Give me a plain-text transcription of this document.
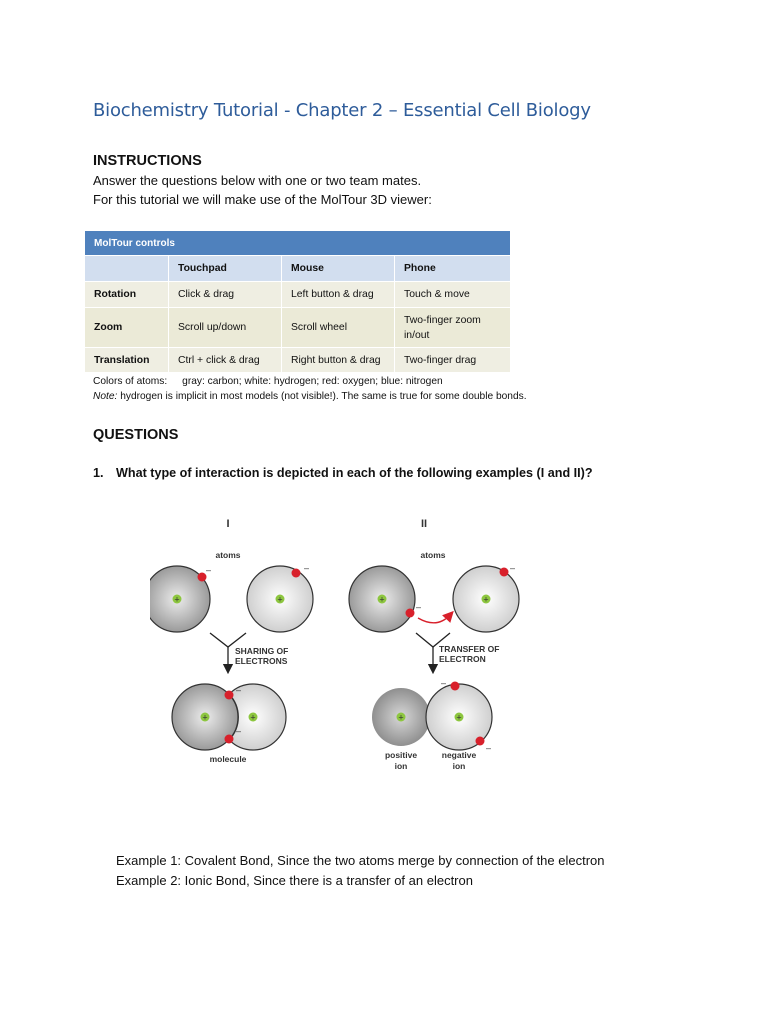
Biochemistry Tutorial - Chapter 2 – Essential Cell Biology
INSTRUCTIONS
Answer the questions below with one or two team mates.
For this tutorial we will make use of the MolTour 3D viewer:
MolTour controls			
	Touchpad	Mouse	Phone
Rotation	Click & drag	Left button & drag	Touch & move
Zoom	Scroll up/down	Scroll wheel	Two-finger zoom in/out
Translation	Ctrl + click & drag	Right button & drag	Two-finger drag
Colors of atoms: gray: carbon; white: hydrogen; red: oxygen; blue: nitrogen
Note: hydrogen is implicit in most models (not visible!). The same is true for some double bonds.
QUESTIONS
1. What type of interaction is depicted in each of the following examples (I and II)?
I
atoms
+
–
+
–
SHARING OF
ELECTRONS
+	+
–
–
molecule
II
atoms
+
–
+
–
TRANSFER OF
ELECTRON
+	+
–
–
positive
ion
negative
ion
Example 1: Covalent Bond, Since the two atoms merge by connection of the electron
Example 2: Ionic Bond, Since there is a transfer of an electron
